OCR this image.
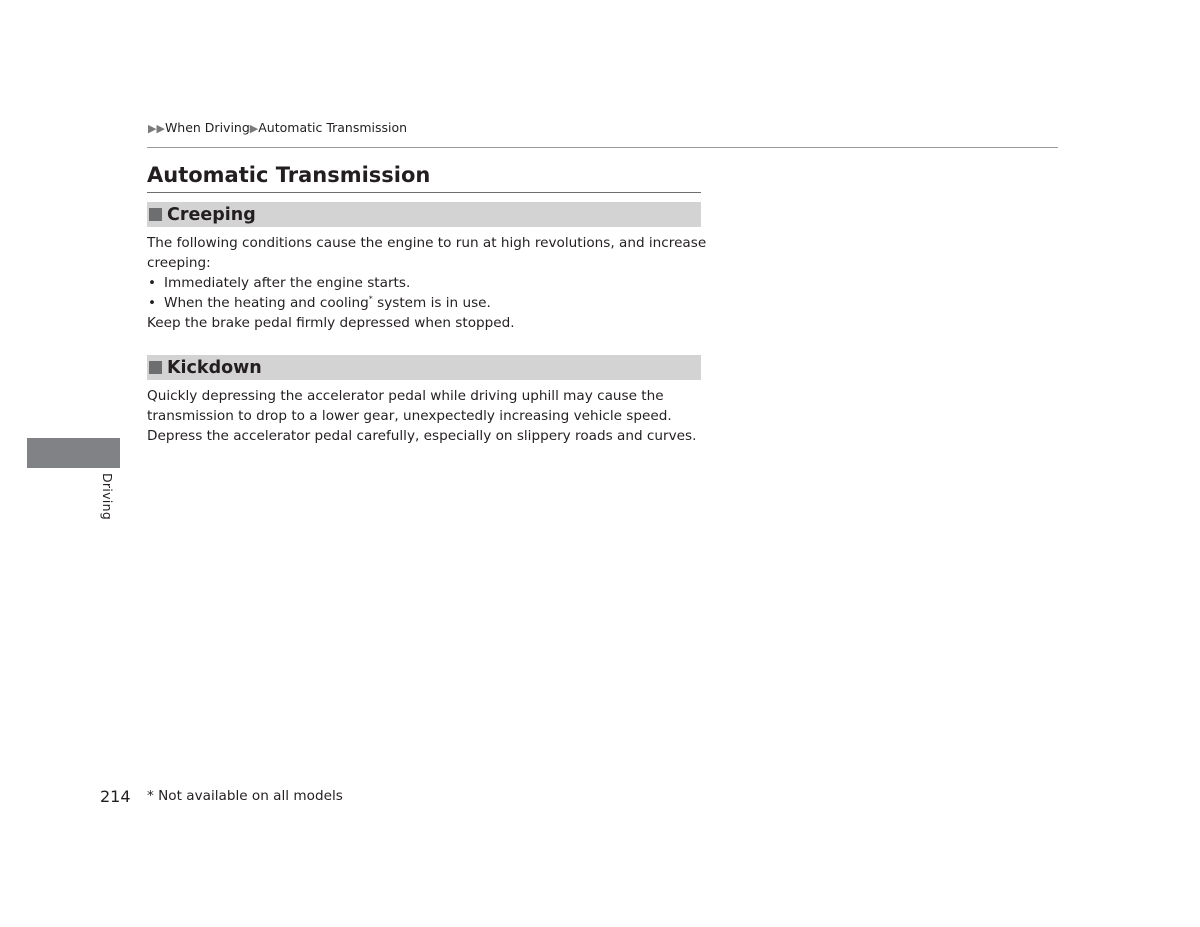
▶▶When Driving▶Automatic Transmission
Automatic Transmission
Creeping

The following conditions cause the engine to run at high revolutions, and increase creeping:

• Immediately after the engine starts.
• When the heating and cooling* system is in use.

Keep the brake pedal firmly depressed when stopped.

Kickdown

Quickly depressing the accelerator pedal while driving uphill may cause the transmission to drop to a lower gear, unexpectedly increasing vehicle speed. Depress the accelerator pedal carefully, especially on slippery roads and curves.

Driving
214 * Not available on all models
